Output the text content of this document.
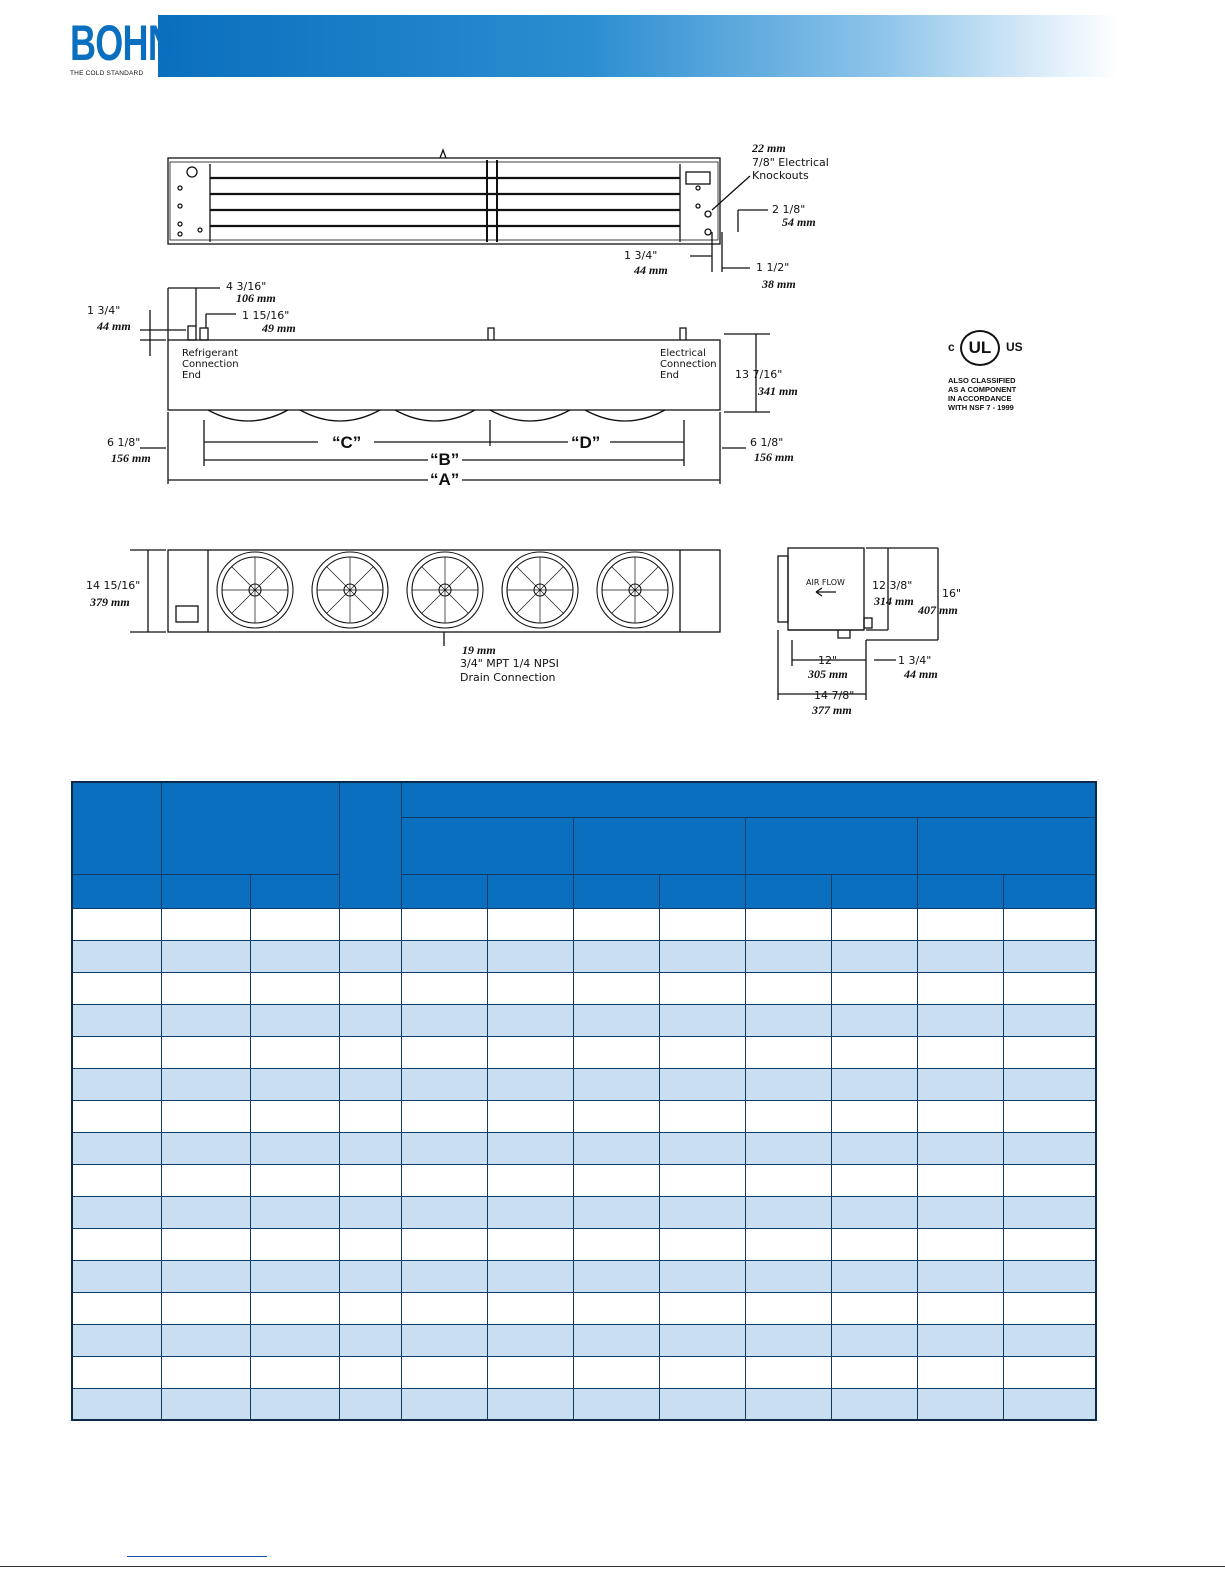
BOHN
THE COLD STANDARD
22 mm
7/8" Electrical
Knockouts
2 1/8"
54 mm
1 3/4"
44 mm	1 1/2"
38 mm
4 3/16"
106 mm
1 15/16"
49 mm
1 3/4"
44 mm
Refrigerant
Connection
End
Electrical
Connection
End	13 7/16"
341 mm
6 1/8"
156 mm
6 1/8"
156 mm
“C”	“D”
“B”
“A”
c UL	US
ALSO CLASSIFIED
AS A COMPONENT
IN ACCORDANCE
WITH NSF 7 - 1999
14 15/16"
379 mm
19 mm
3/4" MPT 1/4 NPSI
Drain Connection
AIR FLOW 12 3/8"
314 mm
16"
407 mm
12"
305 mm
1 3/4"
44 mm
14 7/8"
377 mm
